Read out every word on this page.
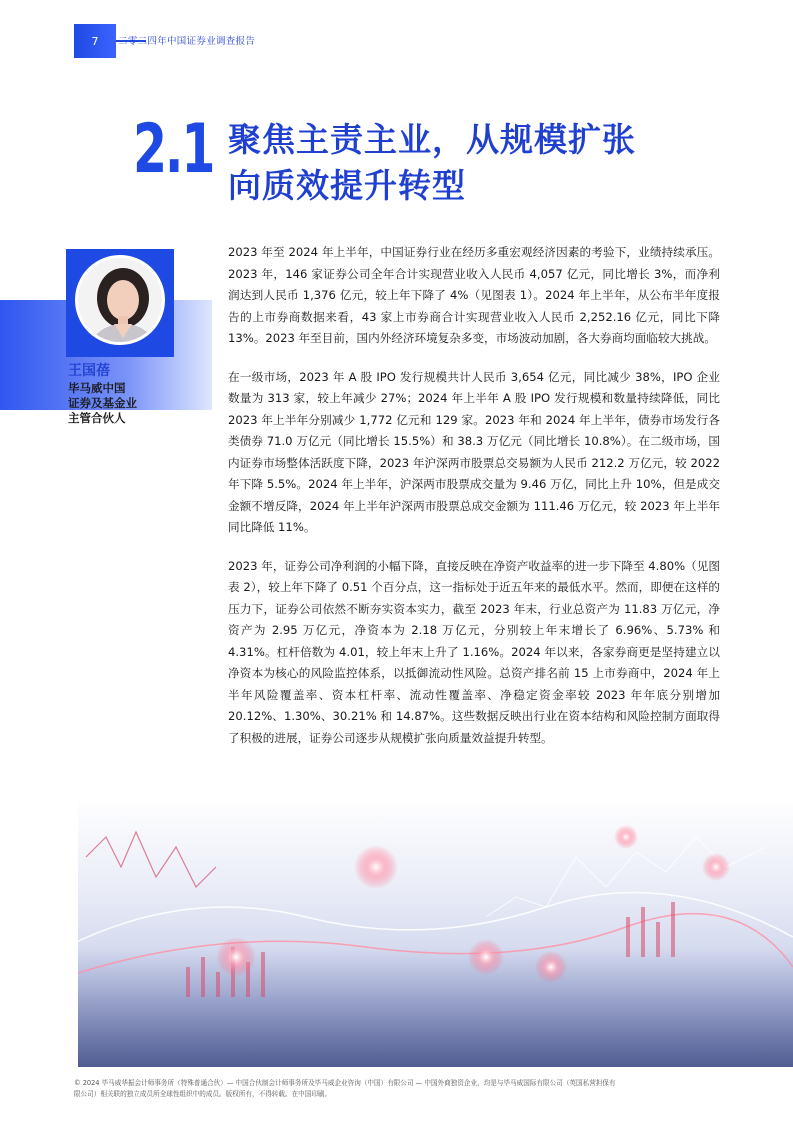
7	二零二四年中国证券业调查报告
2.1 聚焦主责主业，从规模扩张
向质效提升转型
王国蓓
毕马威中国
证券及基金业
主管合伙人

2023 年至 2024 年上半年，中国证券行业在经历多重宏观经济因素的考验下，业绩持续承压。2023 年，146 家证券公司全年合计实现营业收入人民币 4,057 亿元，同比增长 3%，而净利润达到人民币 1,376 亿元，较上年下降了 4%（见图表 1）。2024 年上半年，从公布半年度报告的上市券商数据来看，43 家上市券商合计实现营业收入人民币 2,252.16 亿元，同比下降 13%。2023 年至目前，国内外经济环境复杂多变，市场波动加剧，各大券商均面临较大挑战。

在一级市场，2023 年 A 股 IPO 发行规模共计人民币 3,654 亿元，同比减少 38%，IPO 企业数量为 313 家，较上年减少 27%；2024 年上半年 A 股 IPO 发行规模和数量持续降低，同比 2023 年上半年分别减少 1,772 亿元和 129 家。2023 年和 2024 年上半年，债券市场发行各类债券 71.0 万亿元（同比增长 15.5%）和 38.3 万亿元（同比增长 10.8%）。在二级市场，国内证券市场整体活跃度下降，2023 年沪深两市股票总交易额为人民币 212.2 万亿元，较 2022 年下降 5.5%。2024 年上半年，沪深两市股票成交量为 9.46 万亿，同比上升 10%，但是成交金额不增反降，2024 年上半年沪深两市股票总成交金额为 111.46 万亿元，较 2023 年上半年同比降低 11%。

2023 年，证券公司净利润的小幅下降，直接反映在净资产收益率的进一步下降至 4.80%（见图表 2），较上年下降了 0.51 个百分点，这一指标处于近五年来的最低水平。然而，即便在这样的压力下，证券公司依然不断夯实资本实力，截至 2023 年末，行业总资产为 11.83 万亿元，净资产为 2.95 万亿元，净资本为 2.18 万亿元，分别较上年末增长了 6.96%、5.73% 和 4.31%。杠杆倍数为 4.01，较上年末上升了 1.16%。2024 年以来，各家券商更是坚持建立以净资本为核心的风险监控体系，以抵御流动性风险。总资产排名前 15 上市券商中，2024 年上半年风险覆盖率、资本杠杆率、流动性覆盖率、净稳定资金率较 2023 年年底分别增加 20.12%、1.30%、30.21% 和 14.87%。这些数据反映出行业在资本结构和风险控制方面取得了积极的进展，证券公司逐步从规模扩张向质量效益提升转型。

© 2024 毕马威华振会计师事务所（特殊普通合伙）— 中国合伙制会计师事务所及毕马威企业咨询（中国）有限公司 — 中国外商独资企业，均是与毕马威国际有限公司（英国私营担保有
限公司）相关联的独立成员所全球性组织中的成员。版权所有，不得转载。在中国印刷。
